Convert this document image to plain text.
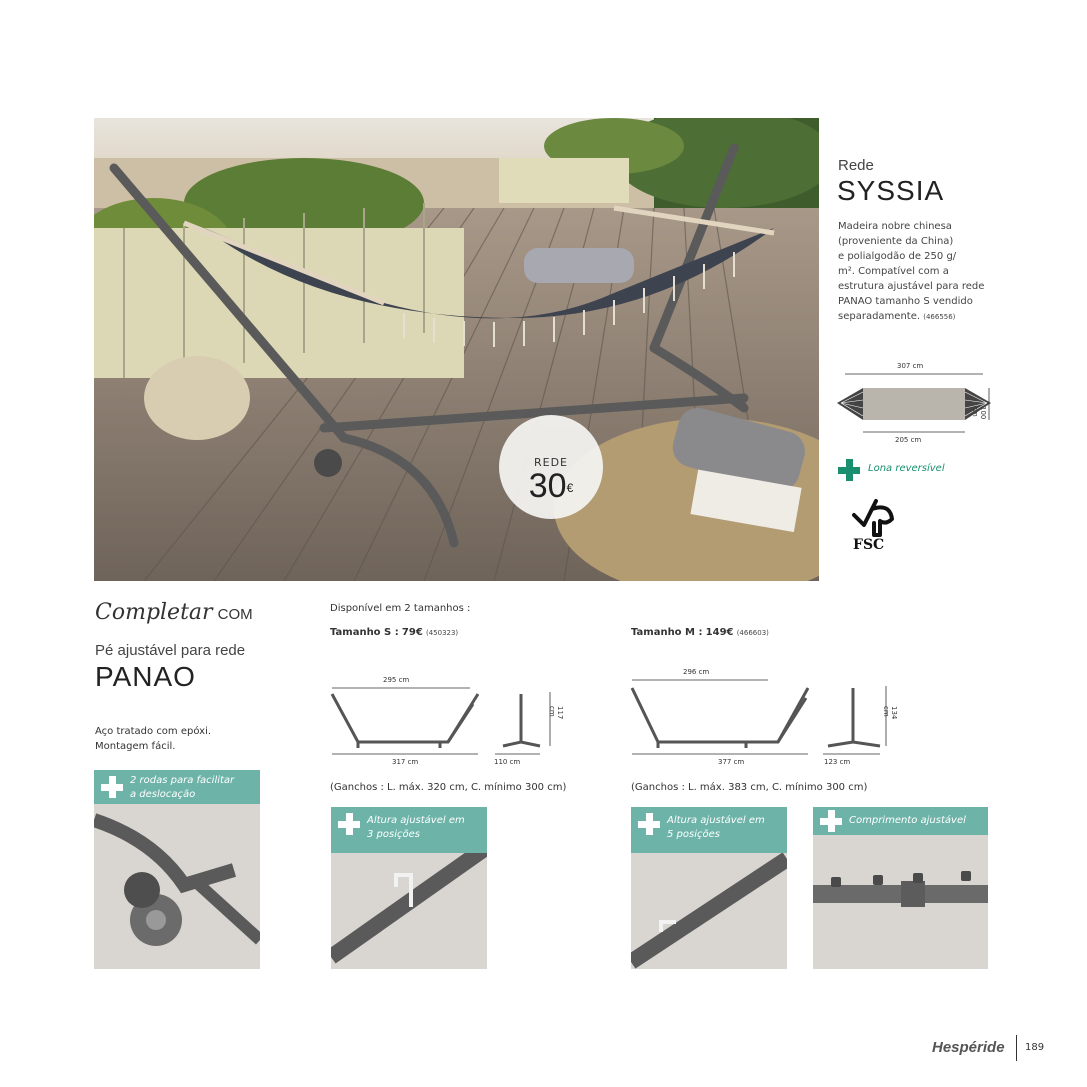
REDE
30€
Rede
SYSSIA
Madeira nobre chinesa
(proveniente da China)
e polialgodão de 250 g/
m². Compatível com a
estrutura ajustável para rede
PANAO tamanho S vendido
separadamente. (466556)
307 cm
205 cm
100 cm
Lona reversível
FSC
Completar COM
Pé ajustável para rede
PANAO
Aço tratado com epóxi.
Montagem fácil.
2 rodas para facilitar
a deslocação
Disponível em 2 tamanhos :
Tamanho S : 79€ (450323)
295 cm
317 cm	110 cm
117 cm
(Ganchos : L. máx. 320 cm, C. mínimo 300 cm)
Altura ajustável em
3 posições
Tamanho M : 149€ (466603)
296 cm
377 cm	123 cm
134 cm
(Ganchos : L. máx. 383 cm, C. mínimo 300 cm)
Altura ajustável em
5 posições
Comprimento ajustável
Hespéride 189
